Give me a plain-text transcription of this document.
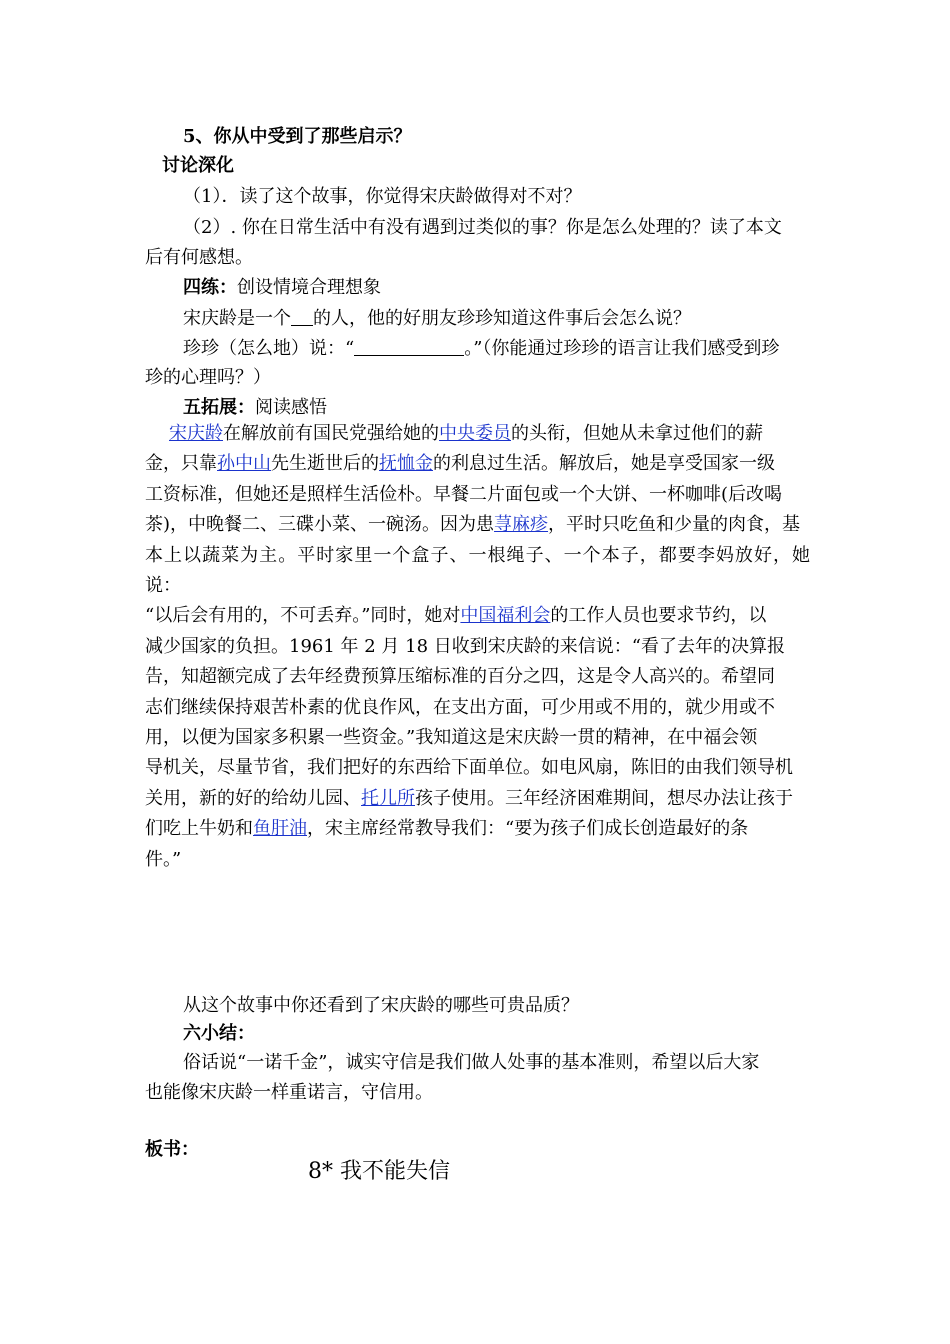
5、你从中受到了那些启示？
讨论深化
（1）．读了这个故事，你觉得宋庆龄做得对不对？
（2）. 你在日常生活中有没有遇到过类似的事？你是怎么处理的？读了本文
后有何感想。
四练：创设情境合理想象
宋庆龄是一个 的人，他的好朋友珍珍知道这件事后会怎么说？
珍珍（怎么地）说：“	。”（你能通过珍珍的语言让我们感受到珍
珍的心理吗？）
五拓展：阅读感悟
宋庆龄在解放前有国民党强给她的中央委员的头衔，但她从未拿过他们的薪
金，只靠孙中山先生逝世后的抚恤金的利息过生活。解放后，她是享受国家一级
工资标准，但她还是照样生活俭朴。早餐二片面包或一个大饼、一杯咖啡(后改喝
茶)，中晚餐二、三碟小菜、一碗汤。因为患荨麻疹，平时只吃鱼和少量的肉食，基
本上以蔬菜为主。平时家里一个盒子、一根绳子、一个本子，都要李妈放好，她说：
“以后会有用的，不可丢弃。”同时，她对中国福利会的工作人员也要求节约，以
减少国家的负担。1961 年 2 月 18 日收到宋庆龄的来信说：“看了去年的决算报
告，知超额完成了去年经费预算压缩标准的百分之四，这是令人高兴的。希望同
志们继续保持艰苦朴素的优良作风，在支出方面，可少用或不用的，就少用或不
用，以便为国家多积累一些资金。”我知道这是宋庆龄一贯的精神，在中福会领
导机关，尽量节省，我们把好的东西给下面单位。如电风扇，陈旧的由我们领导机
关用，新的好的给幼儿园、托儿所孩子使用。三年经济困难期间，想尽办法让孩于
们吃上牛奶和鱼肝油，宋主席经常教导我们：“要为孩子们成长创造最好的条
件。”
从这个故事中你还看到了宋庆龄的哪些可贵品质？
六小结：
俗话说“一诺千金”，诚实守信是我们做人处事的基本准则，希望以后大家
也能像宋庆龄一样重诺言，守信用。
板书：
8* 我不能失信
